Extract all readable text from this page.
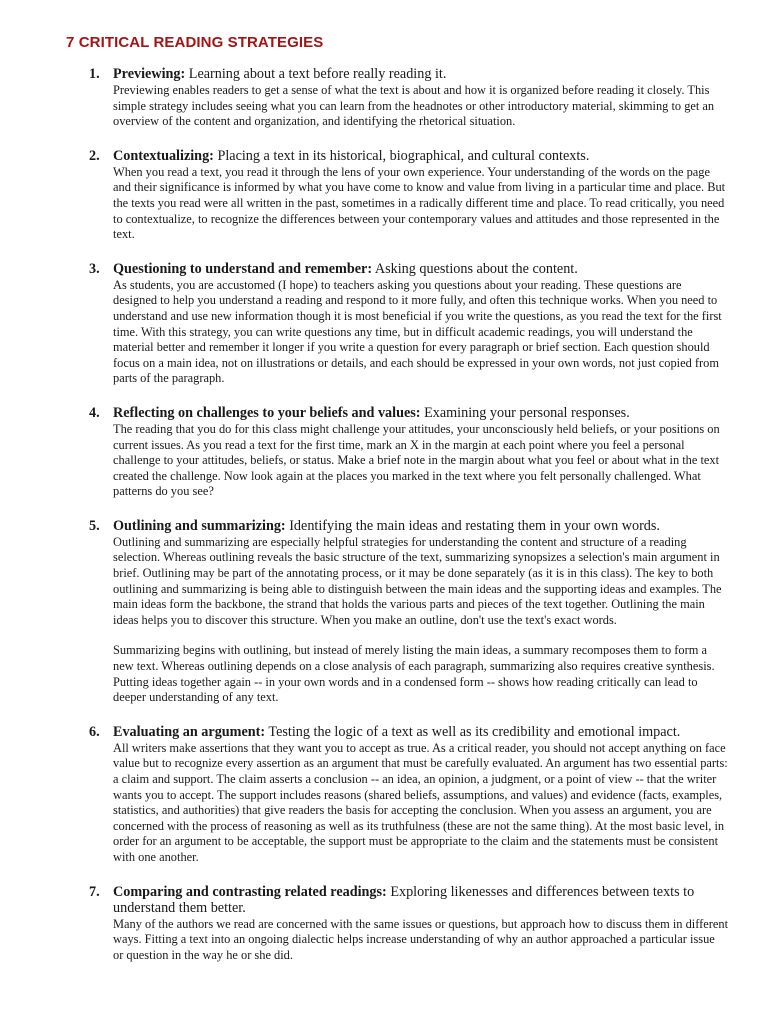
7 CRITICAL READING STRATEGIES
1. Previewing: Learning about a text before really reading it.

Previewing enables readers to get a sense of what the text is about and how it is organized before reading it closely. This simple strategy includes seeing what you can learn from the headnotes or other introductory material, skimming to get an overview of the content and organization, and identifying the rhetorical situation.

2. Contextualizing: Placing a text in its historical, biographical, and cultural contexts.

When you read a text, you read it through the lens of your own experience. Your understanding of the words on the page and their significance is informed by what you have come to know and value from living in a particular time and place. But the texts you read were all written in the past, sometimes in a radically different time and place. To read critically, you need to contextualize, to recognize the differences between your contemporary values and attitudes and those represented in the text.

3. Questioning to understand and remember: Asking questions about the content.

As students, you are accustomed (I hope) to teachers asking you questions about your reading. These questions are designed to help you understand a reading and respond to it more fully, and often this technique works. When you need to understand and use new information though it is most beneficial if you write the questions, as you read the text for the first time. With this strategy, you can write questions any time, but in difficult academic readings, you will understand the material better and remember it longer if you write a question for every paragraph or brief section. Each question should focus on a main idea, not on illustrations or details, and each should be expressed in your own words, not just copied from parts of the paragraph.

4. Reflecting on challenges to your beliefs and values: Examining your personal responses.

The reading that you do for this class might challenge your attitudes, your unconsciously held beliefs, or your positions on current issues. As you read a text for the first time, mark an X in the margin at each point where you feel a personal challenge to your attitudes, beliefs, or status. Make a brief note in the margin about what you feel or about what in the text created the challenge. Now look again at the places you marked in the text where you felt personally challenged. What patterns do you see?

5. Outlining and summarizing: Identifying the main ideas and restating them in your own words.

Outlining and summarizing are especially helpful strategies for understanding the content and structure of a reading selection. Whereas outlining reveals the basic structure of the text, summarizing synopsizes a selection's main argument in brief. Outlining may be part of the annotating process, or it may be done separately (as it is in this class). The key to both outlining and summarizing is being able to distinguish between the main ideas and the supporting ideas and examples. The main ideas form the backbone, the strand that holds the various parts and pieces of the text together. Outlining the main ideas helps you to discover this structure. When you make an outline, don't use the text's exact words.

Summarizing begins with outlining, but instead of merely listing the main ideas, a summary recomposes them to form a new text. Whereas outlining depends on a close analysis of each paragraph, summarizing also requires creative synthesis. Putting ideas together again -- in your own words and in a condensed form -- shows how reading critically can lead to deeper understanding of any text.

6. Evaluating an argument: Testing the logic of a text as well as its credibility and emotional impact.

All writers make assertions that they want you to accept as true. As a critical reader, you should not accept anything on face value but to recognize every assertion as an argument that must be carefully evaluated. An argument has two essential parts: a claim and support. The claim asserts a conclusion -- an idea, an opinion, a judgment, or a point of view -- that the writer wants you to accept. The support includes reasons (shared beliefs, assumptions, and values) and evidence (facts, examples, statistics, and authorities) that give readers the basis for accepting the conclusion. When you assess an argument, you are concerned with the process of reasoning as well as its truthfulness (these are not the same thing). At the most basic level, in order for an argument to be acceptable, the support must be appropriate to the claim and the statements must be consistent with one another.

7. Comparing and contrasting related readings: Exploring likenesses and differences between texts to understand them better.

Many of the authors we read are concerned with the same issues or questions, but approach how to discuss them in different ways. Fitting a text into an ongoing dialectic helps increase understanding of why an author approached a particular issue or question in the way he or she did.
